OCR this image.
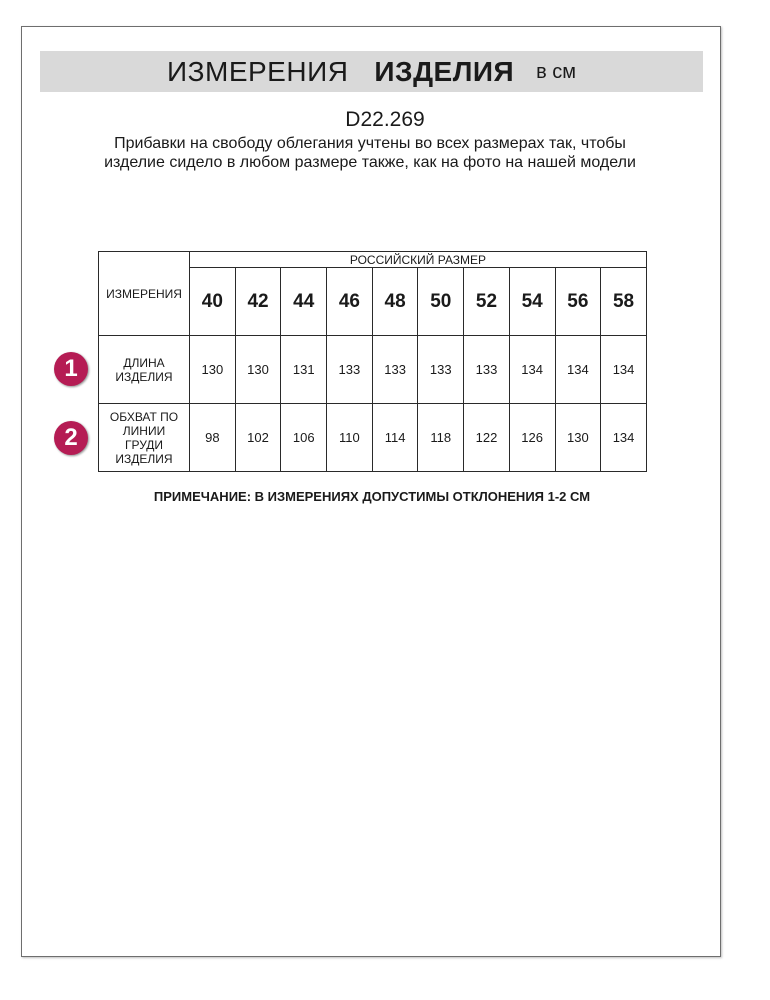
ИЗМЕРЕНИЯ ИЗДЕЛИЯ в см
D22.269
Прибавки на свободу облегания учтены во всех размерах так, чтобы изделие сидело в любом размере также, как на фото на нашей модели
ИЗМЕРЕНИЯ	РОССИЙСКИЙ РАЗМЕР									
	40	42	44	46	48	50	52	54	56	58
ДЛИНА ИЗДЕЛИЯ	130	130	131	133	133	133	133	134	134	134
ОБХВАТ ПО ЛИНИИ ГРУДИ ИЗДЕЛИЯ	98	102	106	110	114	118	122	126	130	134
1
2
ПРИМЕЧАНИЕ: В ИЗМЕРЕНИЯХ ДОПУСТИМЫ ОТКЛОНЕНИЯ 1-2 СМ
